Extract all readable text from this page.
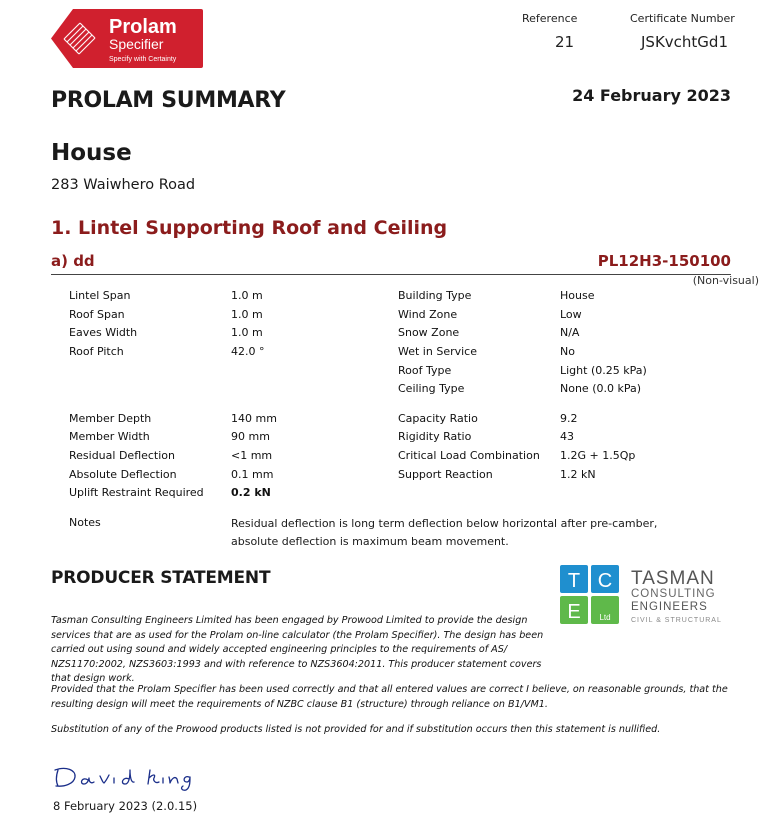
Prolam
Specifier
Specify with Certainty
Reference
21
Certificate Number
JSKvchtGd1
PROLAM SUMMARY	24 February 2023
House
283 Waiwhero Road
1. Lintel Supporting Roof and Ceiling
a) dd	PL12H3-150100
(Non-visual)
Lintel Span	1.0 m
Roof Span	1.0 m
Eaves Width	1.0 m
Roof Pitch	42.0 °
Building Type	House
Wind Zone	Low
Snow Zone	N/A
Wet in Service	No
Roof Type	Light (0.25 kPa)
Ceiling Type	None (0.0 kPa)
Member Depth	140 mm
Member Width	90 mm
Residual Deflection	<1 mm
Absolute Deflection	0.1 mm
Uplift Restraint Required 0.2 kN
Capacity Ratio	9.2
Rigidity Ratio	43
Critical Load Combination 1.2G + 1.5Qp
Support Reaction	1.2 kN
Notes	Residual deflection is long term deflection below horizontal after pre-camber, absolute deflection is maximum beam movement.
PRODUCER STATEMENT	T C
E Ltd
TASMAN
CONSULTING
ENGINEERS
CIVIL & STRUCTURAL
Tasman Consulting Engineers Limited has been engaged by Prowood Limited to provide the design services that are as used for the Prolam on-line calculator (the Prolam Specifier). The design has been carried out using sound and widely accepted engineering principles to the requirements of AS/ NZS1170:2002, NZS3603:1993 and with reference to NZS3604:2011. This producer statement covers that design work.
Provided that the Prolam Specifier has been used correctly and that all entered values are correct I believe, on reasonable grounds, that the resulting design will meet the requirements of NZBC clause B1 (structure) through reliance on B1/VM1.
Substitution of any of the Prowood products listed is not provided for and if substitution occurs then this statement is nullified.
8 February 2023 (2.0.15)
